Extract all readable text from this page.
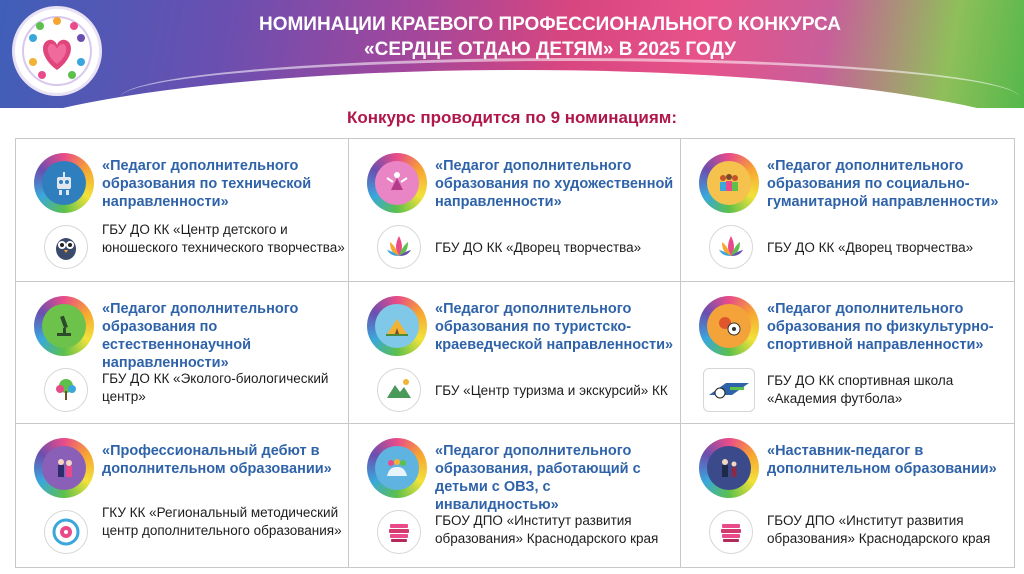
НОМИНАЦИИ КРАЕВОГО ПРОФЕССИОНАЛЬНОГО КОНКУРСА
«СЕРДЦЕ ОТДАЮ ДЕТЯМ» В 2025 ГОДУ
Конкурс проводится по 9 номинациям:
«Педагог дополнительного образования по технической направленности»
ГБУ ДО КК «Центр детского и юношеского технического творчества»
«Педагог дополнительного образования по художественной направленности»
ГБУ ДО КК «Дворец творчества»
«Педагог дополнительного образования по социально-гуманитарной направленности»
ГБУ ДО КК «Дворец творчества»
«Педагог дополнительного образования по естественнонаучной направленности»
ГБУ ДО КК «Эколого-биологический центр»
«Педагог дополнительного образования по туристско-краеведческой направленности»
ГБУ «Центр туризма и экскурсий» КК
«Педагог дополнительного образования по физкультурно-спортивной направленности»
ГБУ ДО КК спортивная школа «Академия футбола»
«Профессиональный дебют в дополнительном образовании»
ГКУ КК «Региональный методический центр дополнительного образования»
«Педагог дополнительного образования, работающий с детьми с ОВЗ, с инвалидностью»
ГБОУ ДПО «Институт развития образования» Краснодарского края
«Наставник-педагог в дополнительном образовании»
ГБОУ ДПО «Институт развития образования» Краснодарского края
